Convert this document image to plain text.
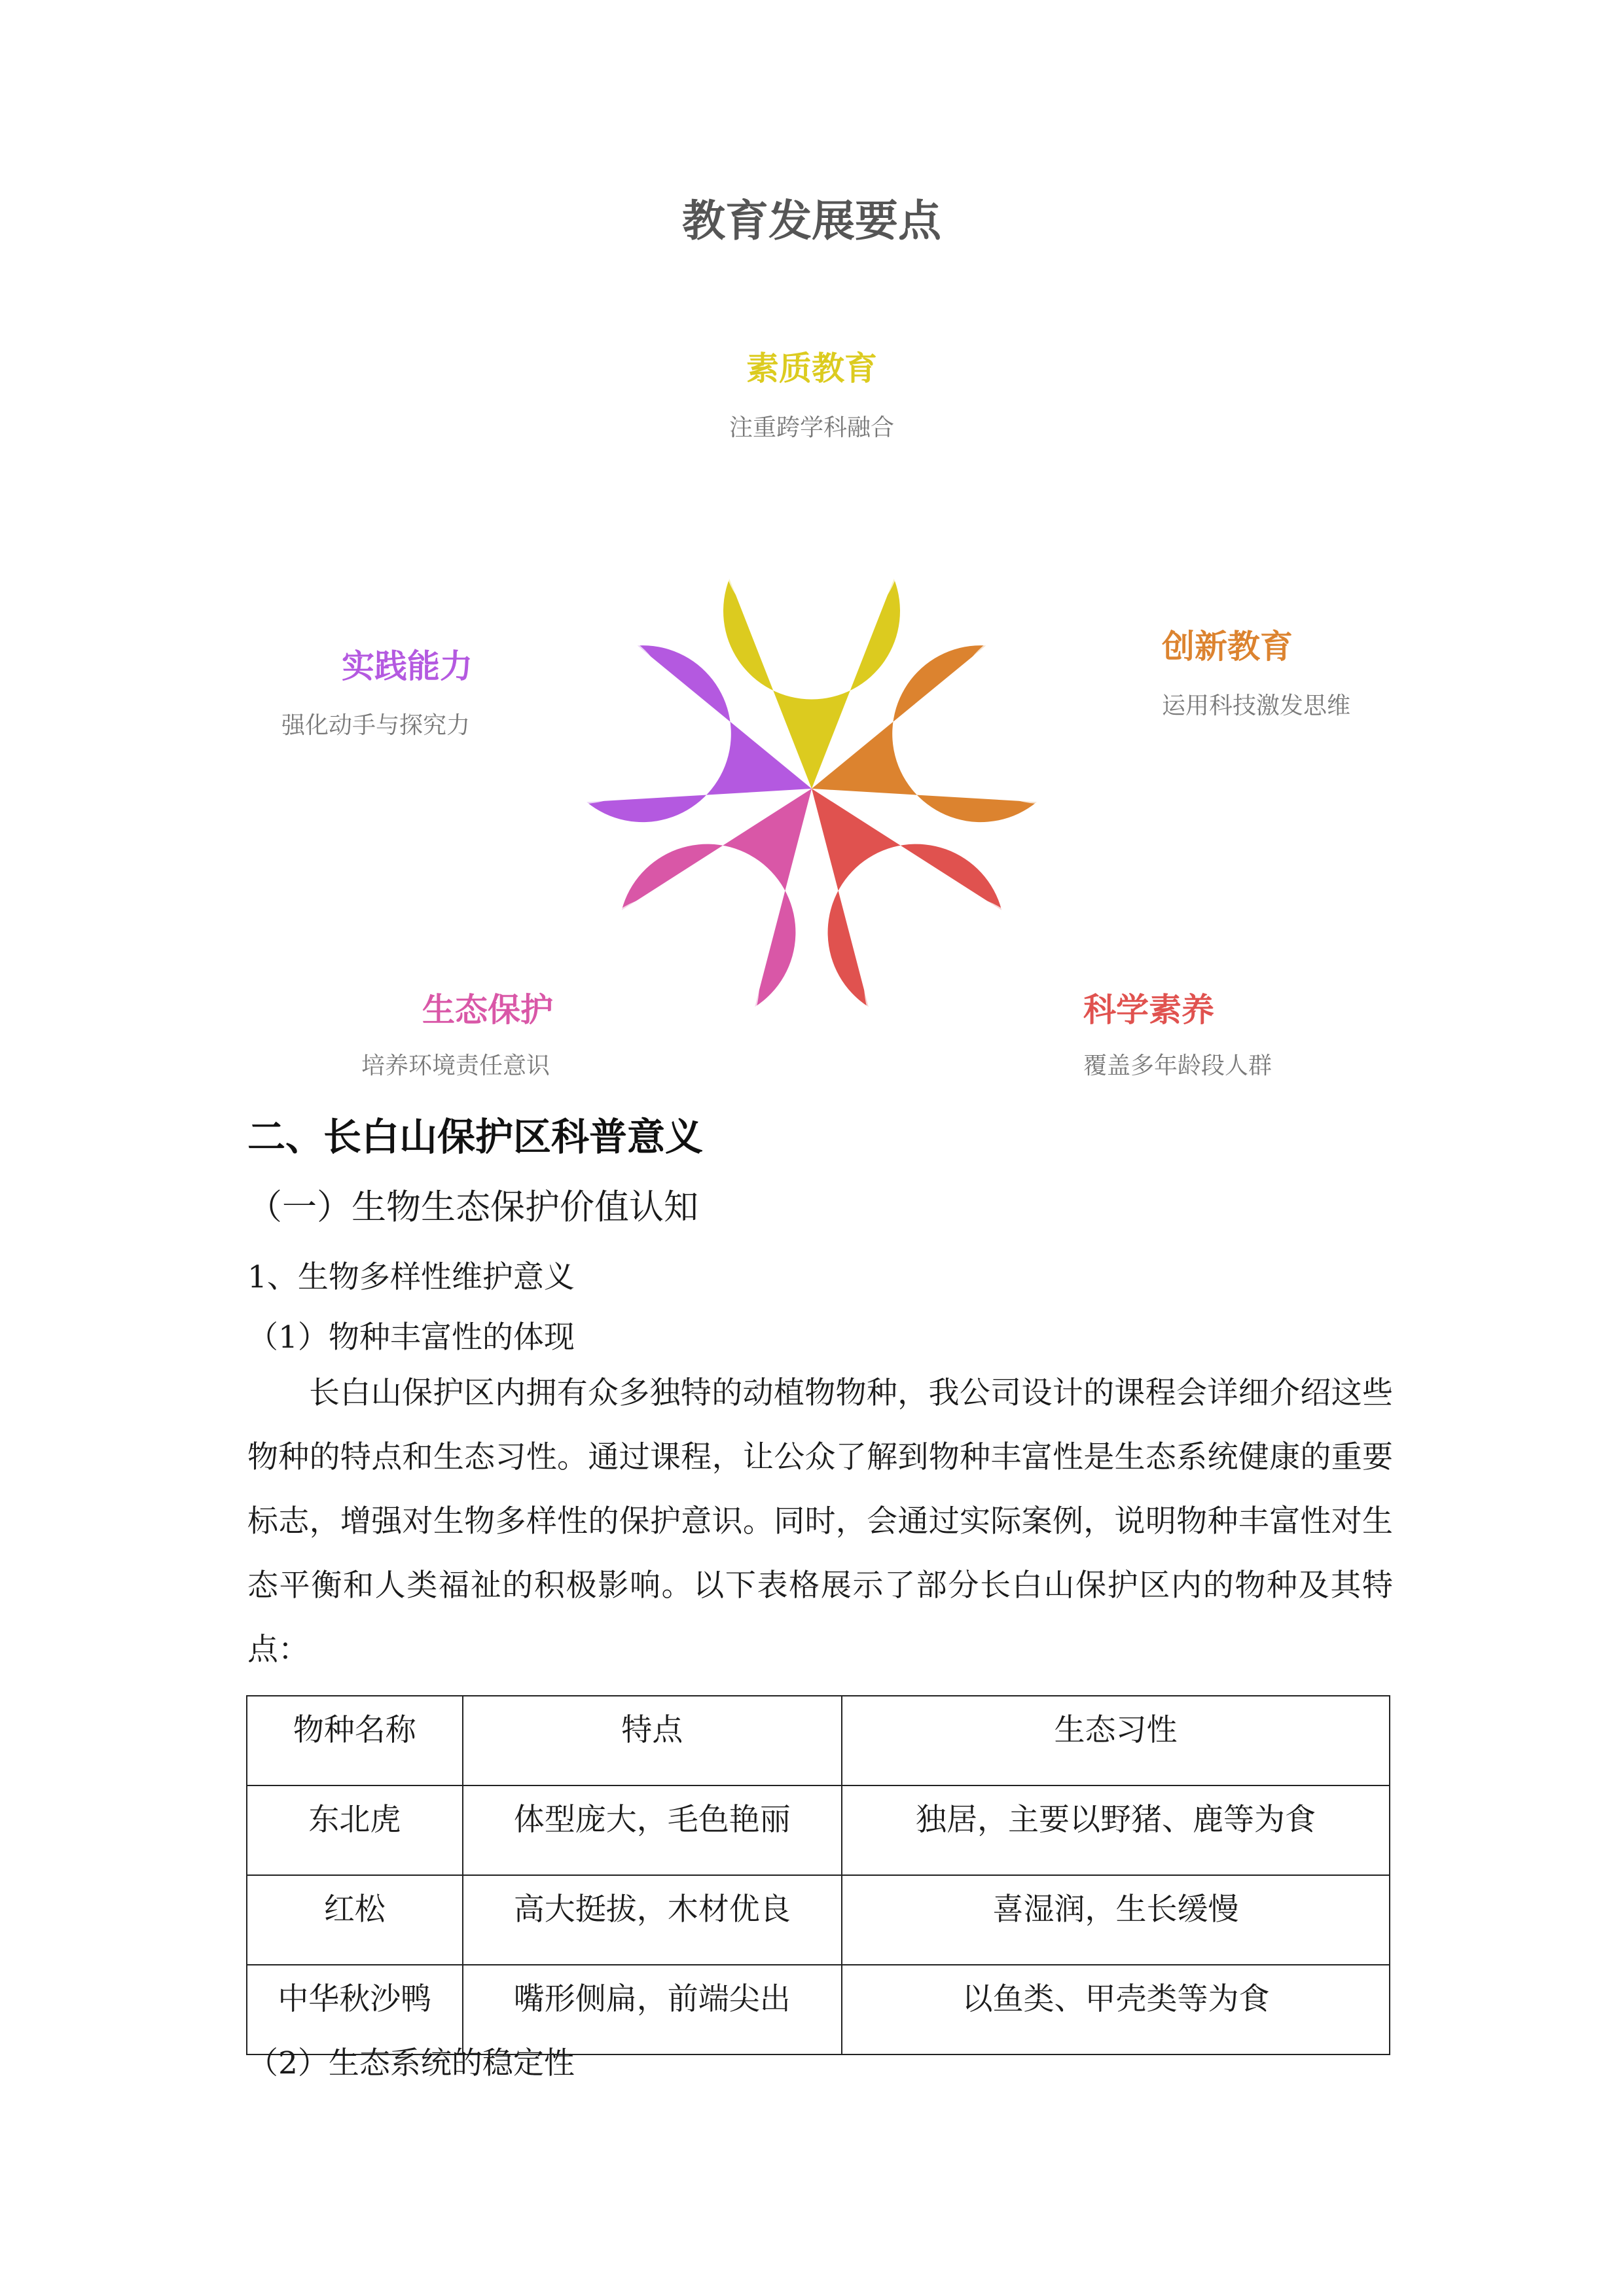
教育发展要点
素质教育
注重跨学科融合
创新教育
运用科技激发思维
科学素养
覆盖多年龄段人群
生态保护
培养环境责任意识
实践能力
强化动手与探究力
二、长白山保护区科普意义
（一）生物生态保护价值认知
1、生物多样性维护意义
（1）物种丰富性的体现

长白山保护区内拥有众多独特的动植物物种，我公司设计的课程会详细介绍这些物种的特点和生态习性。通过课程，让公众了解到物种丰富性是生态系统健康的重要标志，增强对生物多样性的保护意识。同时，会通过实际案例，说明物种丰富性对生态平衡和人类福祉的积极影响。以下表格展示了部分长白山保护区内的物种及其特点：

物种名称	特点	生态习性
东北虎	体型庞大，毛色艳丽	独居，主要以野猪、鹿等为食
红松	高大挺拔，木材优良	喜湿润，生长缓慢
中华秋沙鸭	嘴形侧扁，前端尖出	以鱼类、甲壳类等为食
（2）生态系统的稳定性
